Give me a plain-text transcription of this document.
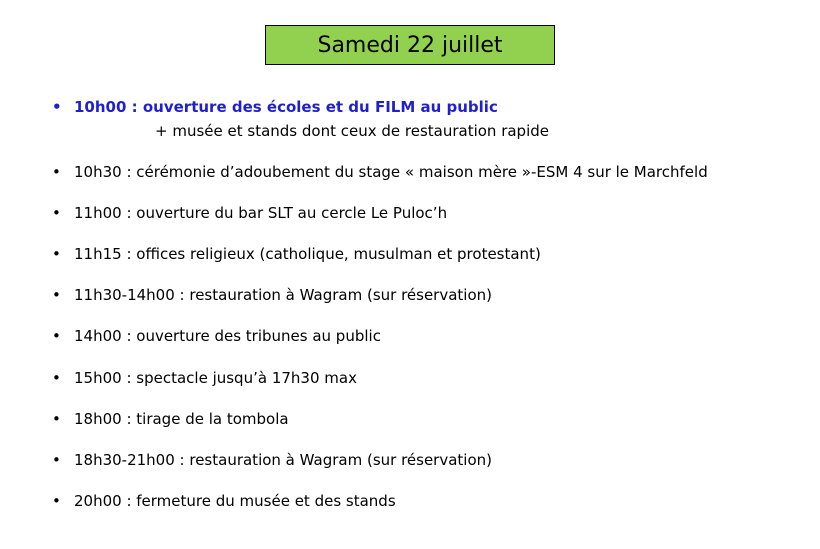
Samedi 22 juillet
• 10h00 : ouverture des écoles et du FILM au public
+ musée et stands dont ceux de restauration rapide
• 10h30 : cérémonie d’adoubement du stage « maison mère »-ESM 4 sur le Marchfeld
• 11h00 : ouverture du bar SLT au cercle Le Puloc’h
• 11h15 : offices religieux (catholique, musulman et protestant)
• 11h30-14h00 : restauration à Wagram (sur réservation)
• 14h00 : ouverture des tribunes au public
• 15h00 : spectacle jusqu’à 17h30 max
• 18h00 : tirage de la tombola
• 18h30-21h00 : restauration à Wagram (sur réservation)
• 20h00 : fermeture du musée et des stands
